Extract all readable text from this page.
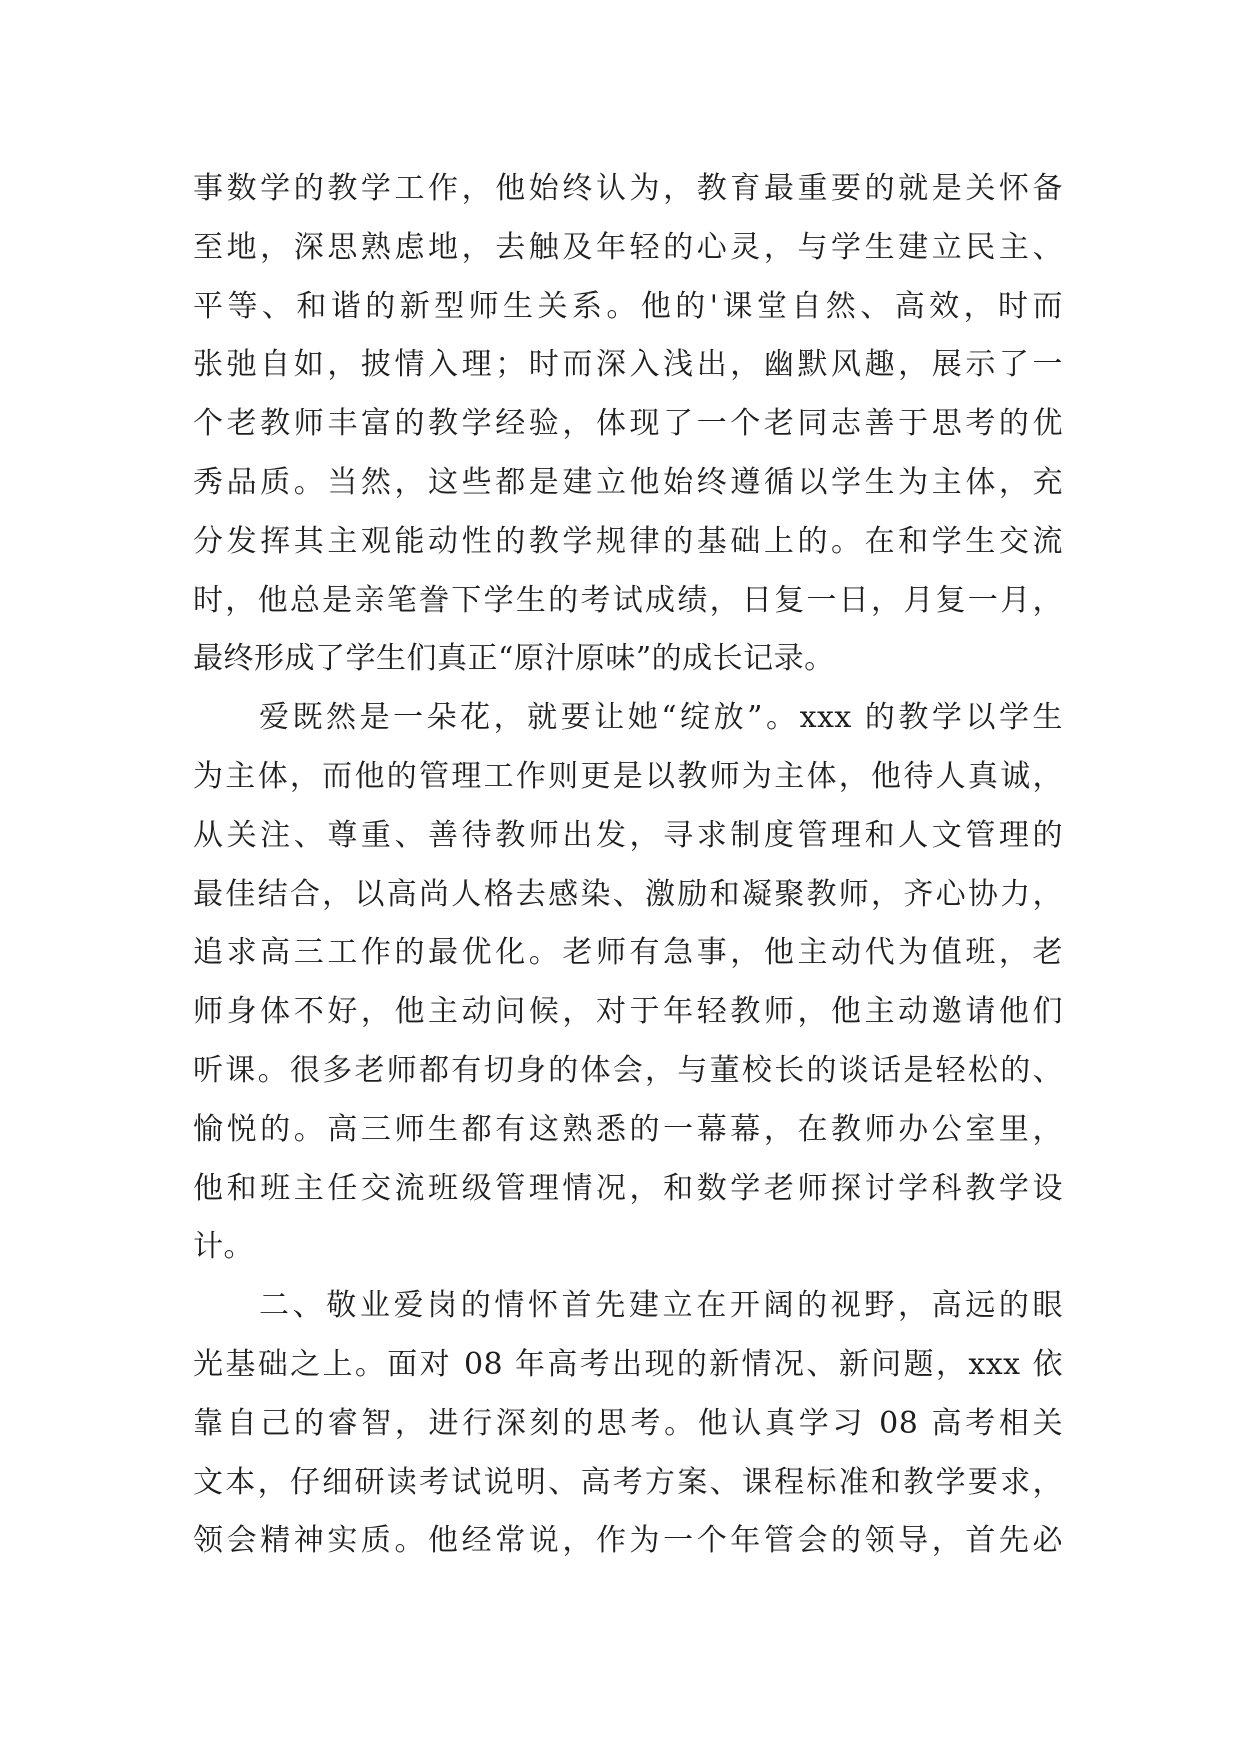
事数学的教学工作，他始终认为，教育最重要的就是关怀备
至地，深思熟虑地，去触及年轻的心灵，与学生建立民主、
平等、和谐的新型师生关系。他的'课堂自然、高效，时而
张弛自如，披情入理；时而深入浅出，幽默风趣，展示了一
个老教师丰富的教学经验，体现了一个老同志善于思考的优
秀品质。当然，这些都是建立他始终遵循以学生为主体，充
分发挥其主观能动性的教学规律的基础上的。在和学生交流
时，他总是亲笔誊下学生的考试成绩，日复一日，月复一月，
最终形成了学生们真正“原汁原味”的成长记录。
爱既然是一朵花，就要让她“绽放”。xxx 的教学以学生
为主体，而他的管理工作则更是以教师为主体，他待人真诚，
从关注、尊重、善待教师出发，寻求制度管理和人文管理的
最佳结合，以高尚人格去感染、激励和凝聚教师，齐心协力，
追求高三工作的最优化。老师有急事，他主动代为值班，老
师身体不好，他主动问候，对于年轻教师，他主动邀请他们
听课。很多老师都有切身的体会，与董校长的谈话是轻松的、
愉悦的。高三师生都有这熟悉的一幕幕，在教师办公室里，
他和班主任交流班级管理情况，和数学老师探讨学科教学设
计。
二、敬业爱岗的情怀首先建立在开阔的视野，高远的眼
光基础之上。面对 08 年高考出现的新情况、新问题，xxx 依
靠自己的睿智，进行深刻的思考。他认真学习 08 高考相关
文本，仔细研读考试说明、高考方案、课程标准和教学要求，
领会精神实质。他经常说，作为一个年管会的领导，首先必
